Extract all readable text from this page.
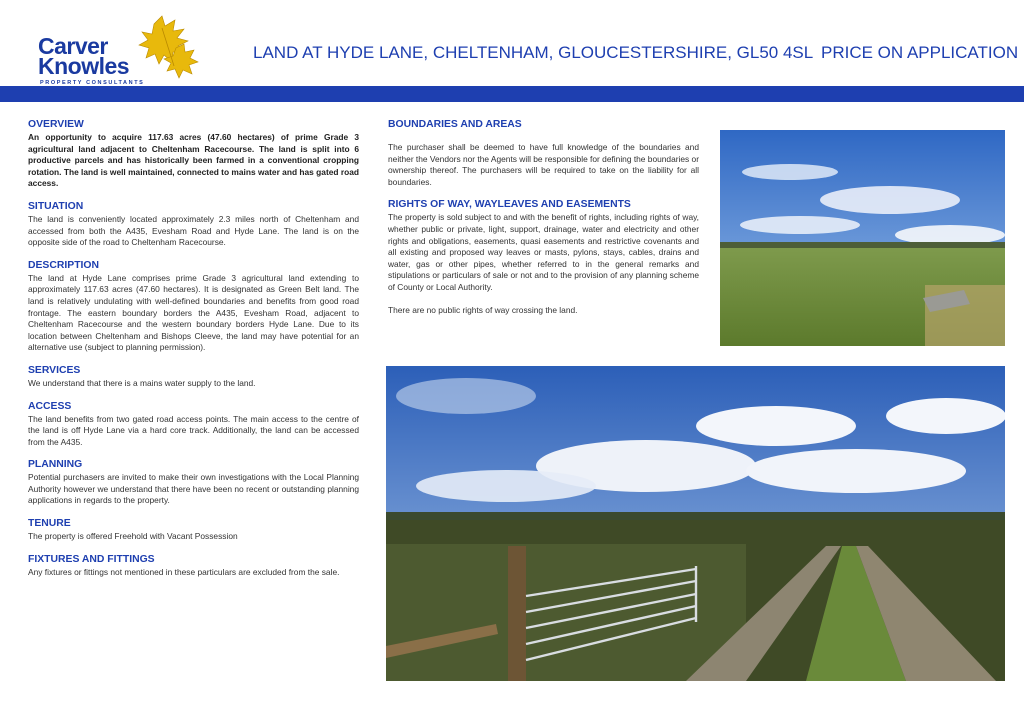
Carver
Knowles
PROPERTY CONSULTANTS
LAND AT HYDE LANE, CHELTENHAM, GLOUCESTERSHIRE, GL50 4SL PRICE ON APPLICATION
OVERVIEW

An opportunity to acquire 117.63 acres (47.60 hectares) of prime Grade 3 agricultural land adjacent to Cheltenham Racecourse. The land is split into 6 productive parcels and has historically been farmed in a conventional cropping rotation. The land is well maintained, connected to mains water and has gated road access.

SITUATION

The land is conveniently located approximately 2.3 miles north of Cheltenham and accessed from both the A435, Evesham Road and Hyde Lane. The land is on the opposite side of the road to Cheltenham Racecourse.

DESCRIPTION

The land at Hyde Lane comprises prime Grade 3 agricultural land extending to approximately 117.63 acres (47.60 hectares). It is designated as Green Belt land. The land is relatively undulating with well-defined boundaries and benefits from good road frontage. The eastern boundary borders the A435, Evesham Road, adjacent to Cheltenham Racecourse and the western boundary borders Hyde Lane. Due to its location between Cheltenham and Bishops Cleeve, the land may have potential for an alternative use (subject to planning permission).

SERVICES

We understand that there is a mains water supply to the land.

ACCESS

The land benefits from two gated road access points. The main access to the centre of the land is off Hyde Lane via a hard core track. Additionally, the land can be accessed from the A435.

PLANNING

Potential purchasers are invited to make their own investigations with the Local Planning Authority however we understand that there have been no recent or outstanding planning applications in regards to the property.

TENURE

The property is offered Freehold with Vacant Possession

FIXTURES AND FITTINGS

Any fixtures or fittings not mentioned in these particulars are excluded from the sale.

BOUNDARIES AND AREAS

The purchaser shall be deemed to have full knowledge of the boundaries and neither the Vendors nor the Agents will be responsible for defining the boundaries or ownership thereof. The purchasers will be required to take on the liability for all boundaries.

RIGHTS OF WAY, WAYLEAVES AND EASEMENTS

The property is sold subject to and with the benefit of rights, including rights of way, whether public or private, light, support, drainage, water and electricity and other rights and obligations, easements, quasi easements and restrictive covenants and all existing and proposed way leaves or masts, pylons, stays, cables, drains and water, gas or other pipes, whether referred to in the general remarks and stipulations or particulars of sale or not and to the provision of any planning scheme of County or Local Authority.

There are no public rights of way crossing the land.
